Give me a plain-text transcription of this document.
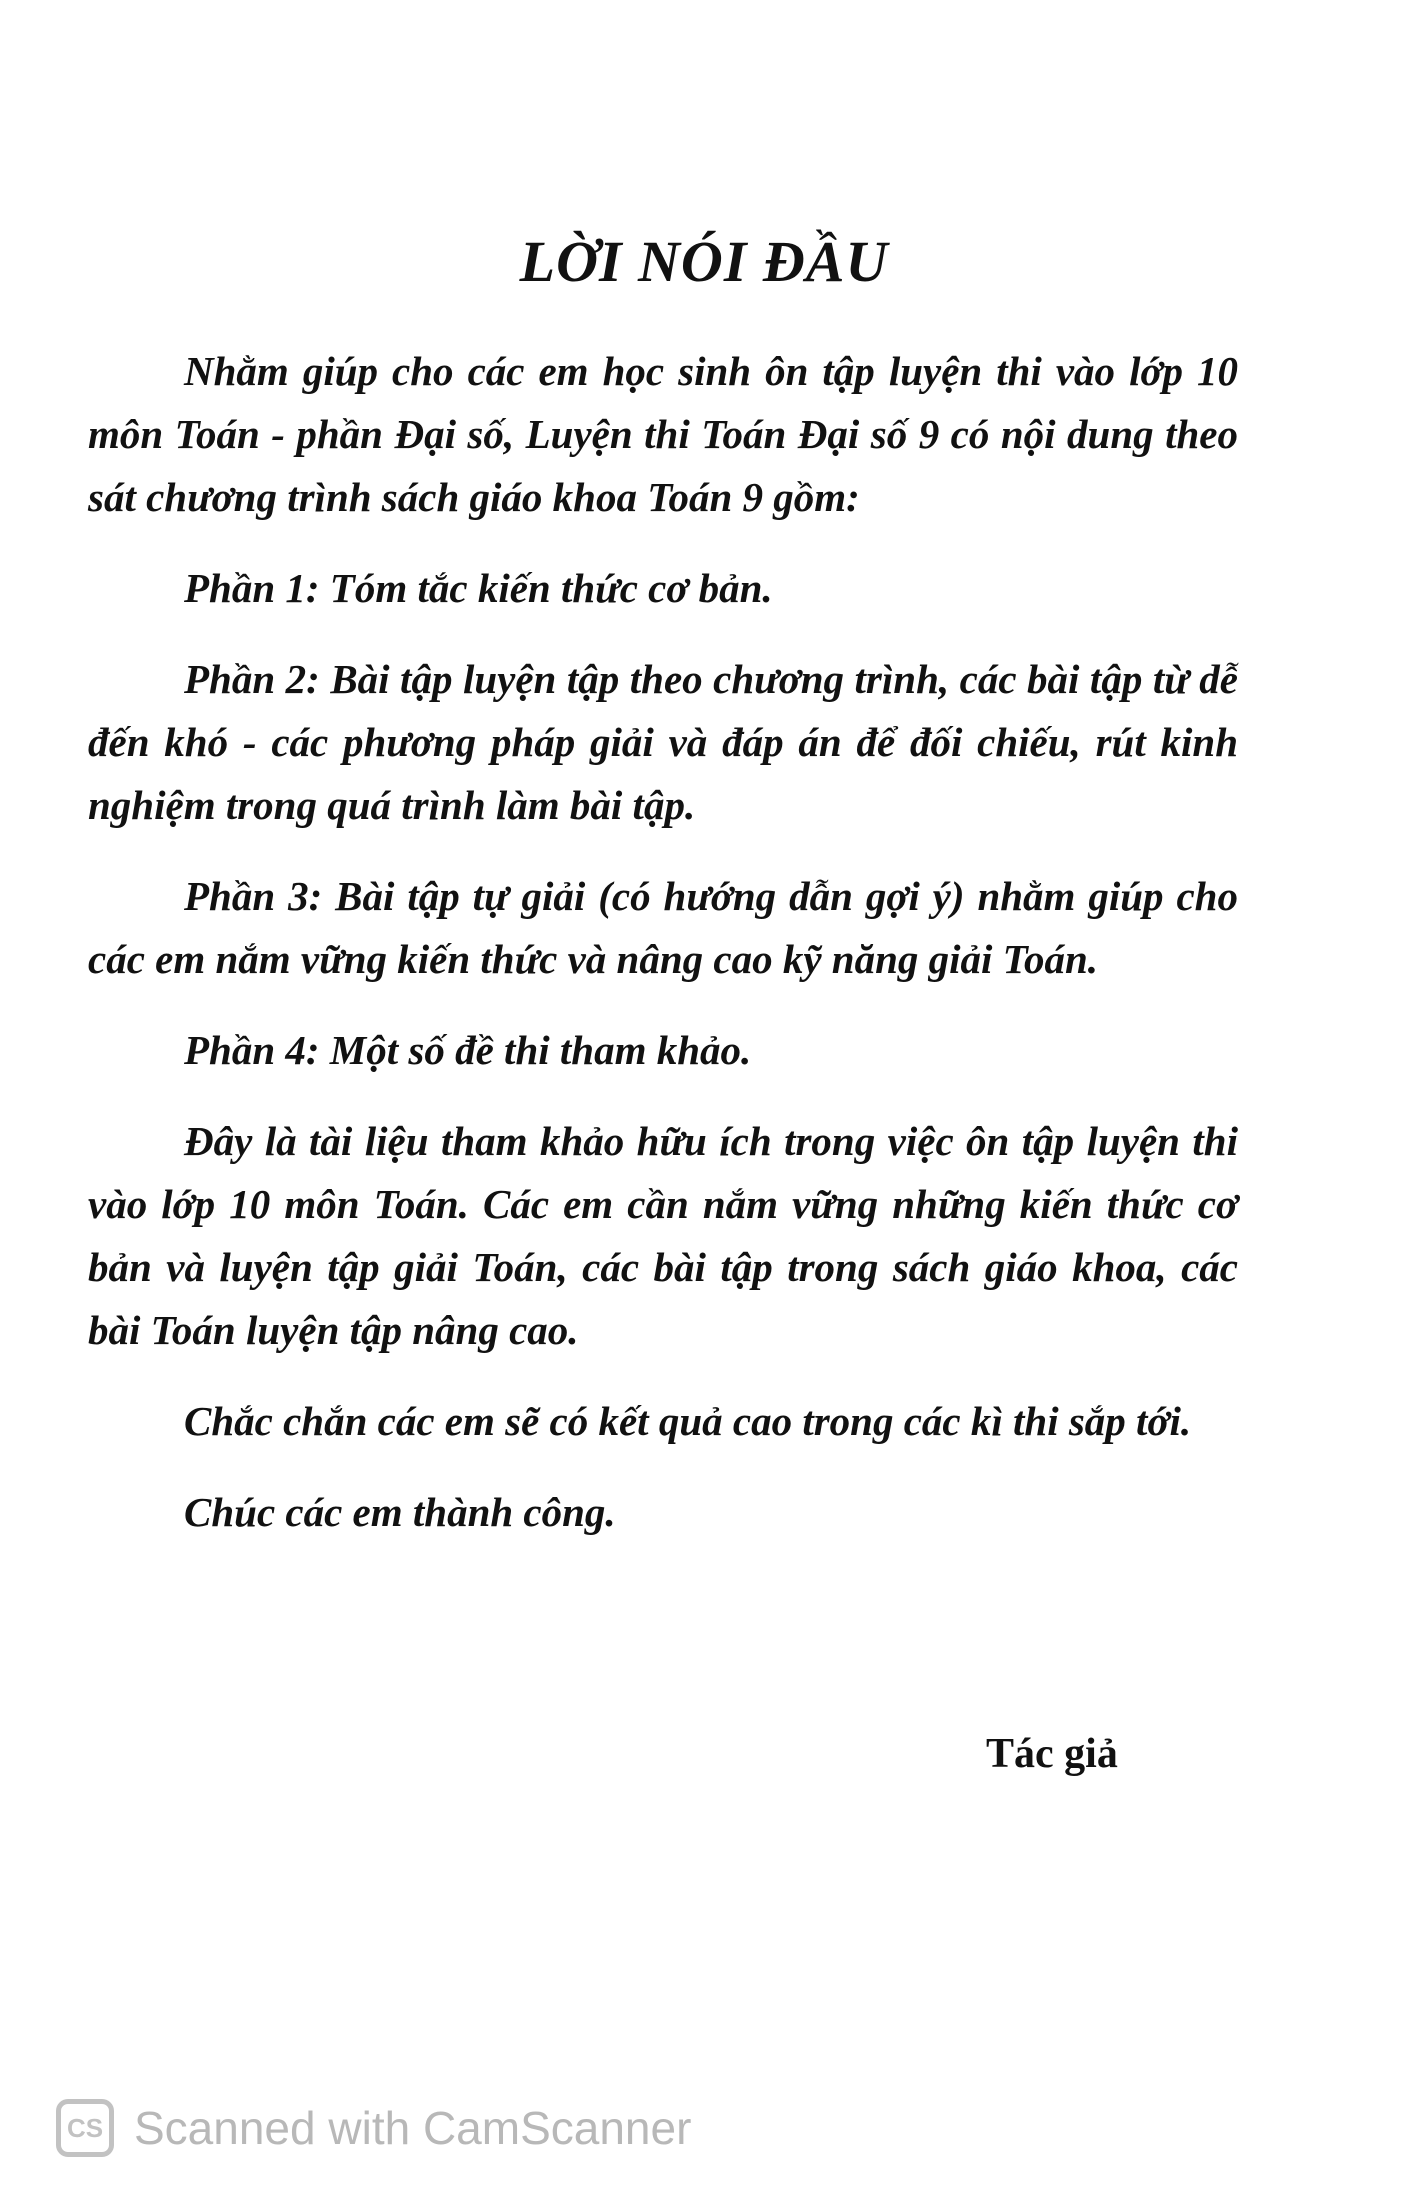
LỜI NÓI ĐẦU

Nhằm giúp cho các em học sinh ôn tập luyện thi vào lớp 10 môn Toán - phần Đại số, Luyện thi Toán Đại số 9 có nội dung theo sát chương trình sách giáo khoa Toán 9 gồm:

Phần 1: Tóm tắc kiến thức cơ bản.

Phần 2: Bài tập luyện tập theo chương trình, các bài tập từ dễ đến khó - các phương pháp giải và đáp án để đối chiếu, rút kinh nghiệm trong quá trình làm bài tập.

Phần 3: Bài tập tự giải (có hướng dẫn gợi ý) nhằm giúp cho các em nắm vững kiến thức và nâng cao kỹ năng giải Toán.

Phần 4: Một số đề thi tham khảo.

Đây là tài liệu tham khảo hữu ích trong việc ôn tập luyện thi vào lớp 10 môn Toán. Các em cần nắm vững những kiến thức cơ bản và luyện tập giải Toán, các bài tập trong sách giáo khoa, các bài Toán luyện tập nâng cao.

Chắc chắn các em sẽ có kết quả cao trong các kì thi sắp tới.

Chúc các em thành công.

Tác giả
CS Scanned with CamScanner
